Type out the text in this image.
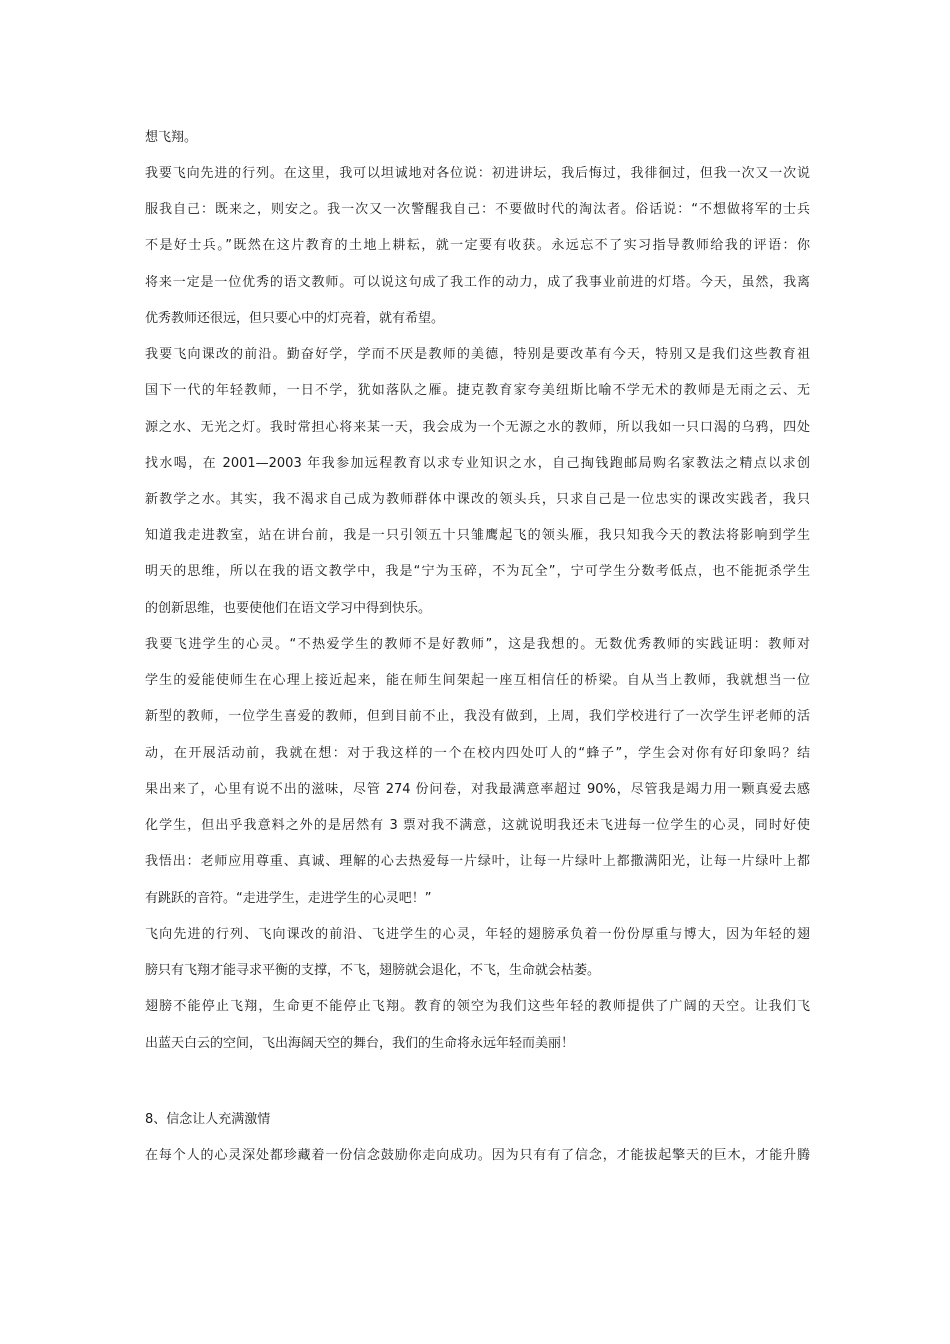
想飞翔。
我要飞向先进的行列。在这里，我可以坦诚地对各位说：初进讲坛，我后悔过，我徘徊过，但我一次又一次说
服我自己：既来之，则安之。我一次又一次警醒我自己：不要做时代的淘汰者。俗话说：“不想做将军的士兵
不是好士兵。”既然在这片教育的土地上耕耘，就一定要有收获。永远忘不了实习指导教师给我的评语：你
将来一定是一位优秀的语文教师。可以说这句成了我工作的动力，成了我事业前进的灯塔。今天，虽然，我离
优秀教师还很远，但只要心中的灯亮着，就有希望。
我要飞向课改的前沿。勤奋好学，学而不厌是教师的美德，特别是要改革有今天，特别又是我们这些教育祖
国下一代的年轻教师，一日不学，犹如落队之雁。捷克教育家夸美纽斯比喻不学无术的教师是无雨之云、无
源之水、无光之灯。我时常担心将来某一天，我会成为一个无源之水的教师，所以我如一只口渴的乌鸦，四处
找水喝，在 2001—2003 年我参加远程教育以求专业知识之水，自己掏钱跑邮局购名家教法之精点以求创
新教学之水。其实，我不渴求自己成为教师群体中课改的领头兵，只求自己是一位忠实的课改实践者，我只
知道我走进教室，站在讲台前，我是一只引领五十只雏鹰起飞的领头雁，我只知我今天的教法将影响到学生
明天的思维，所以在我的语文教学中，我是“宁为玉碎，不为瓦全”，宁可学生分数考低点，也不能扼杀学生
的创新思维，也要使他们在语文学习中得到快乐。
我要飞进学生的心灵。“不热爱学生的教师不是好教师”，这是我想的。无数优秀教师的实践证明：教师对
学生的爱能使师生在心理上接近起来，能在师生间架起一座互相信任的桥梁。自从当上教师，我就想当一位
新型的教师，一位学生喜爱的教师，但到目前不止，我没有做到，上周，我们学校进行了一次学生评老师的活
动，在开展活动前，我就在想：对于我这样的一个在校内四处叮人的“蜂子”，学生会对你有好印象吗？结
果出来了，心里有说不出的滋味，尽管 274 份问卷，对我最满意率超过 90%，尽管我是竭力用一颗真爱去感
化学生，但出乎我意料之外的是居然有 3 票对我不满意，这就说明我还未飞进每一位学生的心灵，同时好使
我悟出：老师应用尊重、真诚、理解的心去热爱每一片绿叶，让每一片绿叶上都撒满阳光，让每一片绿叶上都
有跳跃的音符。“走进学生，走进学生的心灵吧！”
飞向先进的行列、飞向课改的前沿、飞进学生的心灵，年轻的翅膀承负着一份份厚重与博大，因为年轻的翅
膀只有飞翔才能寻求平衡的支撑，不飞，翅膀就会退化，不飞，生命就会枯萎。
翅膀不能停止飞翔，生命更不能停止飞翔。教育的领空为我们这些年轻的教师提供了广阔的天空。让我们飞
出蓝天白云的空间，飞出海阔天空的舞台，我们的生命将永远年轻而美丽！
8、信念让人充满激情
在每个人的心灵深处都珍藏着一份信念鼓励你走向成功。因为只有有了信念，才能拔起擎天的巨木，才能升腾
